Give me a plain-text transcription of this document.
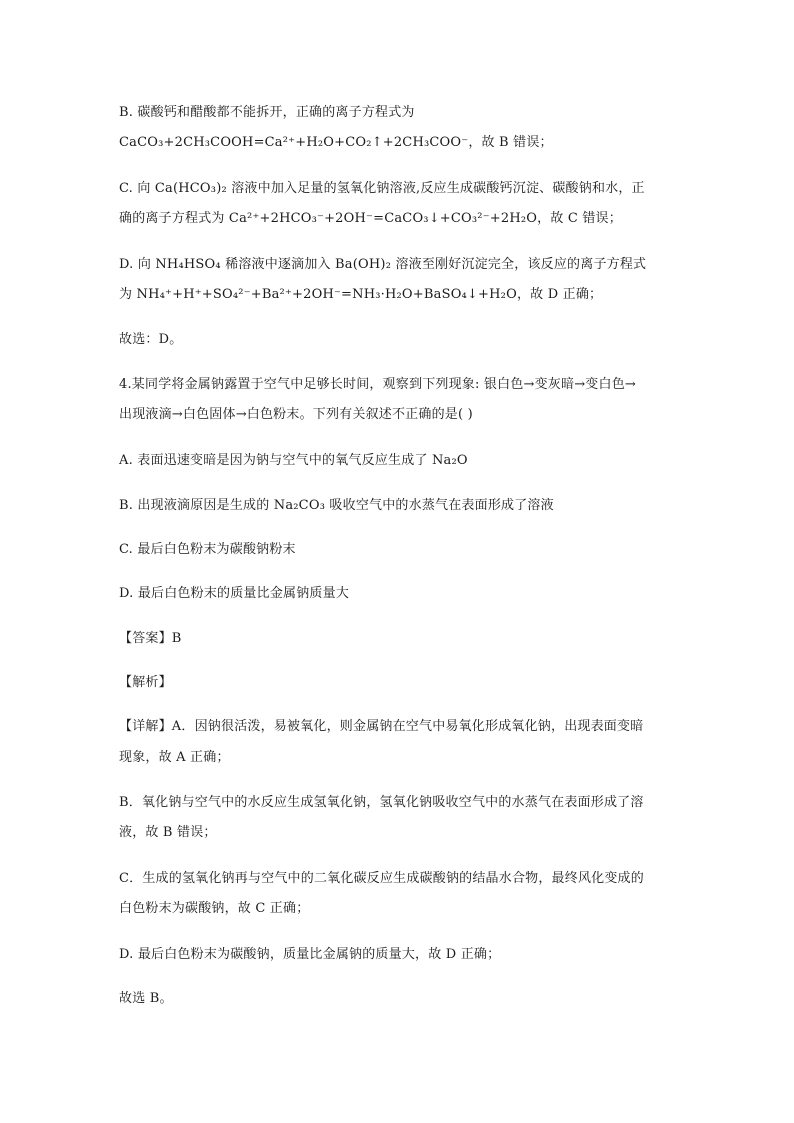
B. 碳酸钙和醋酸都不能拆开，正确的离子方程式为
CaCO₃+2CH₃COOH=Ca²⁺+H₂O+CO₂↑+2CH₃COO⁻，故 B 错误；
C. 向 Ca(HCO₃)₂ 溶液中加入足量的氢氧化钠溶液,反应生成碳酸钙沉淀、碳酸钠和水，正
确的离子方程式为 Ca²⁺+2HCO₃⁻+2OH⁻=CaCO₃↓+CO₃²⁻+2H₂O，故 C 错误；
D. 向 NH₄HSO₄ 稀溶液中逐滴加入 Ba(OH)₂ 溶液至刚好沉淀完全，该反应的离子方程式
为 NH₄⁺+H⁺+SO₄²⁻+Ba²⁺+2OH⁻=NH₃·H₂O+BaSO₄↓+H₂O，故 D 正确；
故选：D。
4.某同学将金属钠露置于空气中足够长时间，观察到下列现象: 银白色→变灰暗→变白色→
出现液滴→白色固体→白色粉末。下列有关叙述不正确的是( )
A. 表面迅速变暗是因为钠与空气中的氧气反应生成了 Na₂O
B. 出现液滴原因是生成的 Na₂CO₃ 吸收空气中的水蒸气在表面形成了溶液
C. 最后白色粉末为碳酸钠粉末
D. 最后白色粉末的质量比金属钠质量大
【答案】B
【解析】
【详解】A．因钠很活泼，易被氧化，则金属钠在空气中易氧化形成氧化钠，出现表面变暗
现象，故 A 正确；
B．氧化钠与空气中的水反应生成氢氧化钠，氢氧化钠吸收空气中的水蒸气在表面形成了溶
液，故 B 错误；
C．生成的氢氧化钠再与空气中的二氧化碳反应生成碳酸钠的结晶水合物，最终风化变成的
白色粉末为碳酸钠，故 C 正确；
D. 最后白色粉末为碳酸钠，质量比金属钠的质量大，故 D 正确；
故选 B。
